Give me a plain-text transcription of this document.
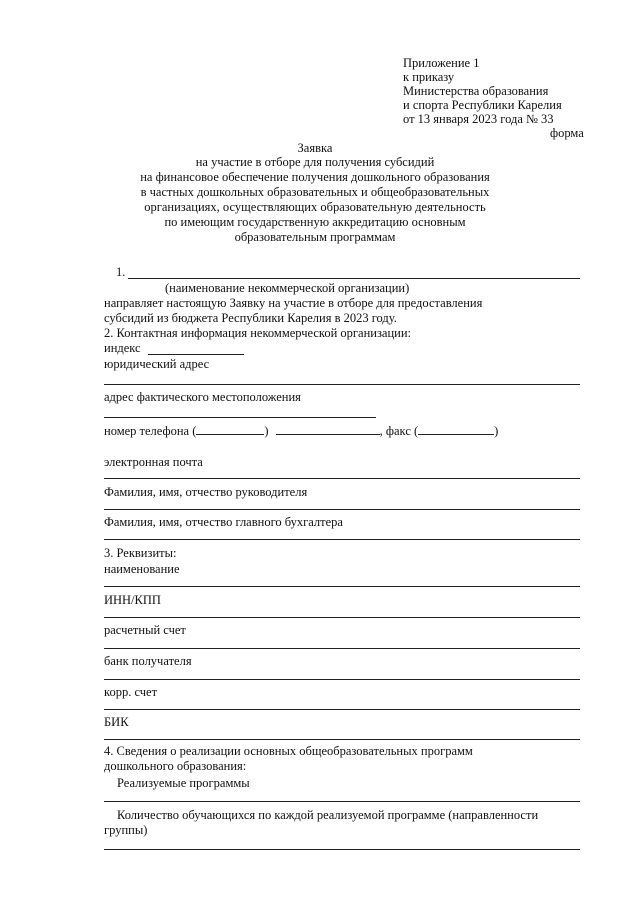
Приложение 1
к приказу
Министерства образования
и спорта Республики Карелия
от 13 января 2023 года № 33
форма
Заявка
на участие в отборе для получения субсидий
на финансовое обеспечение получения дошкольного образования
в частных дошкольных образовательных и общеобразовательных
организациях, осуществляющих образовательную деятельность
по имеющим государственную аккредитацию основным
образовательным программам
1.
(наименование некоммерческой организации)
направляет настоящую Заявку на участие в отборе для предоставления
субсидий из бюджета Республики Карелия в 2023 году.
2. Контактная информация некоммерческой организации:
индекс
юридический адрес
адрес фактического местоположения
номер телефона (	)	, факс (	)
электронная почта
Фамилия, имя, отчество руководителя
Фамилия, имя, отчество главного бухгалтера
3. Реквизиты:
наименование
ИНН/КПП
расчетный счет
банк получателя
корр. счет
БИК
4. Сведения о реализации основных общеобразовательных программ
дошкольного образования:
Реализуемые программы
Количество обучающихся по каждой реализуемой программе (направленности
группы)
